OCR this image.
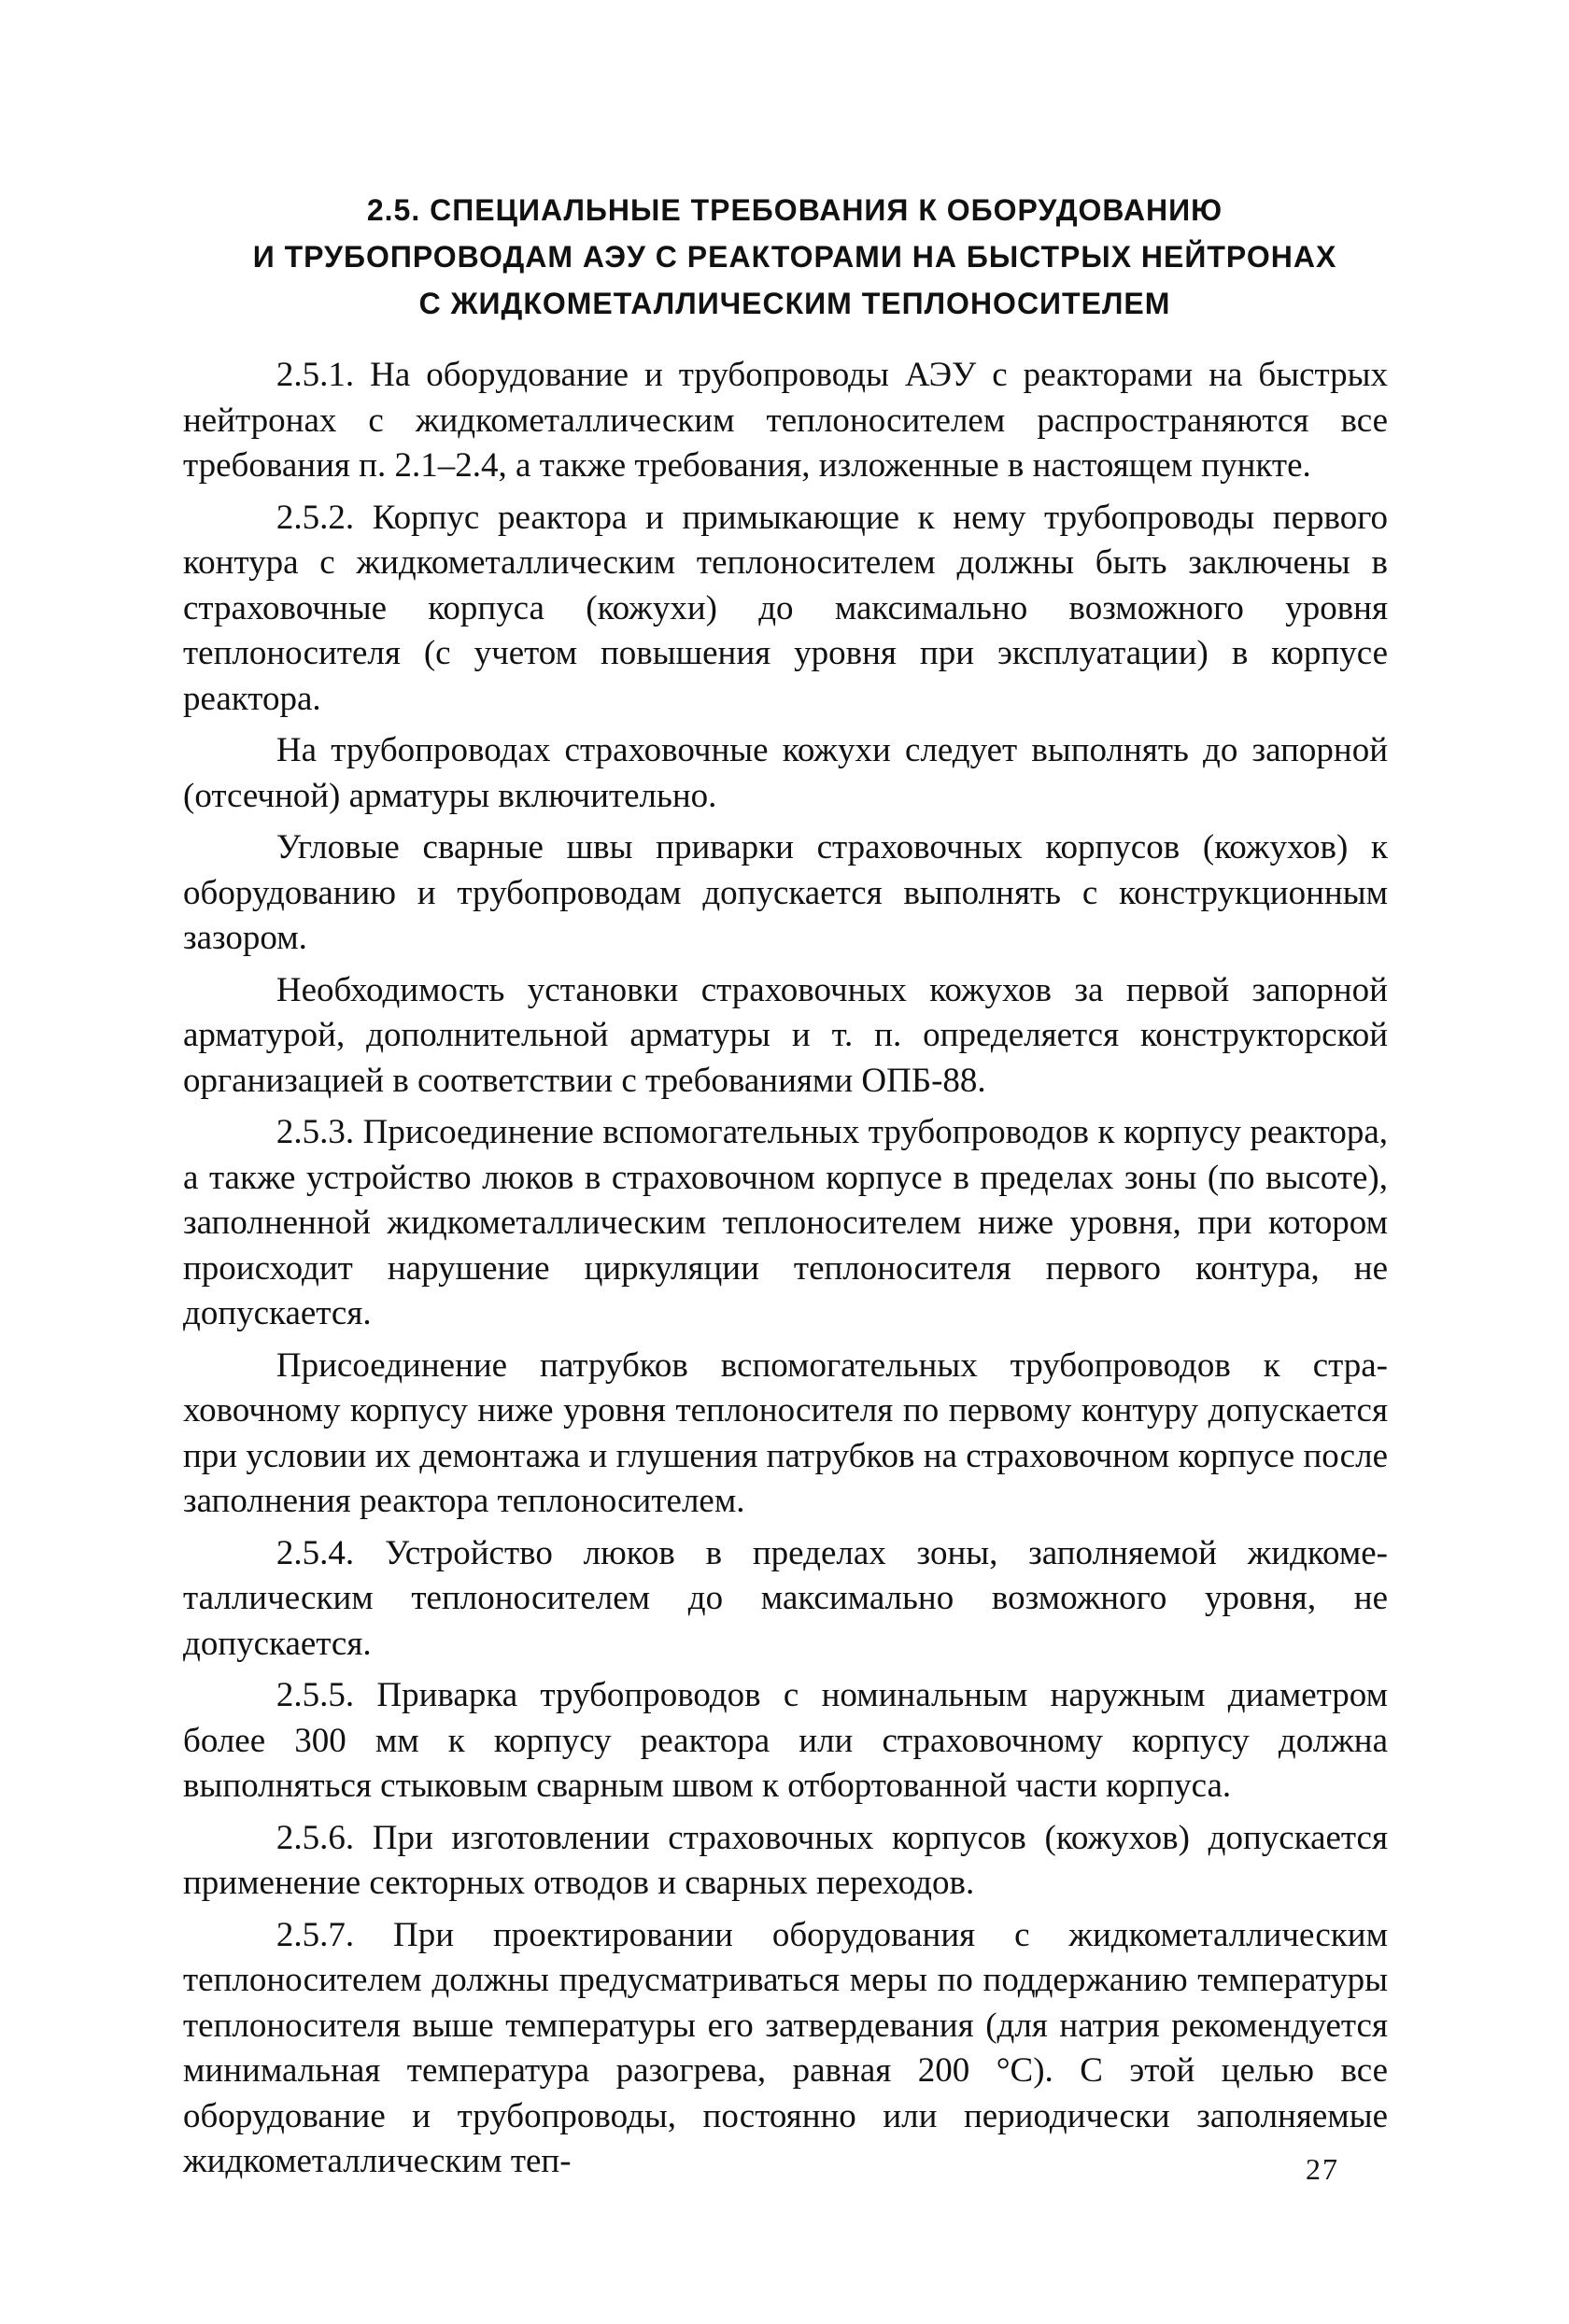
2.5. СПЕЦИАЛЬНЫЕ ТРЕБОВАНИЯ К ОБОРУДОВАНИЮ
И ТРУБОПРОВОДАМ АЭУ С РЕАКТОРАМИ НА БЫСТРЫХ НЕЙТРОНАХ
С ЖИДКОМЕТАЛЛИЧЕСКИМ ТЕПЛОНОСИТЕЛЕМ

2.5.1. На оборудование и трубопроводы АЭУ с реакторами на быстрых нейтронах с жидкометаллическим теплоносителем распространяются все требования п. 2.1–2.4, а также требования, изложенные в настоящем пункте.

2.5.2. Корпус реактора и примыкающие к нему трубопроводы первого контура с жидкометаллическим теплоносителем должны быть заключены в страховочные корпуса (кожухи) до максимально возможного уровня теплоносителя (с учетом повышения уровня при эксплуатации) в корпусе реактора.

На трубопроводах страховочные кожухи следует выполнять до запорной (отсечной) арматуры включительно.

Угловые сварные швы приварки страховочных корпусов (кожухов) к оборудованию и трубопроводам допускается выполнять с конструкционным зазором.

Необходимость установки страховочных кожухов за первой запорной арматурой, дополнительной арматуры и т. п. определяется конструкторской организацией в соответствии с требованиями ОПБ-88.

2.5.3. Присоединение вспомогательных трубопроводов к корпусу реактора, а также устройство люков в страховочном корпусе в пределах зоны (по высоте), заполненной жидкометаллическим теплоносителем ниже уровня, при котором происходит нарушение циркуляции теплоносителя первого контура, не допускается.

Присоединение патрубков вспомогательных трубопроводов к страховочному корпусу ниже уровня теплоносителя по первому контуру допускается при условии их демонтажа и глушения патрубков на страховочном корпусе после заполнения реактора теплоносителем.

2.5.4. Устройство люков в пределах зоны, заполняемой жидкометаллическим теплоносителем до максимально возможного уровня, не допускается.

2.5.5. Приварка трубопроводов с номинальным наружным диаметром более 300 мм к корпусу реактора или страховочному корпусу должна выполняться стыковым сварным швом к отбортованной части корпуса.

2.5.6. При изготовлении страховочных корпусов (кожухов) допускается применение секторных отводов и сварных переходов.

2.5.7. При проектировании оборудования с жидкометаллическим теплоносителем должны предусматриваться меры по поддержанию температуры теплоносителя выше температуры его затвердевания (для натрия рекомендуется минимальная температура разогрева, равная 200 °С). С этой целью все оборудование и трубопроводы, постоянно или периодически заполняемые жидкометаллическим теп-	27
